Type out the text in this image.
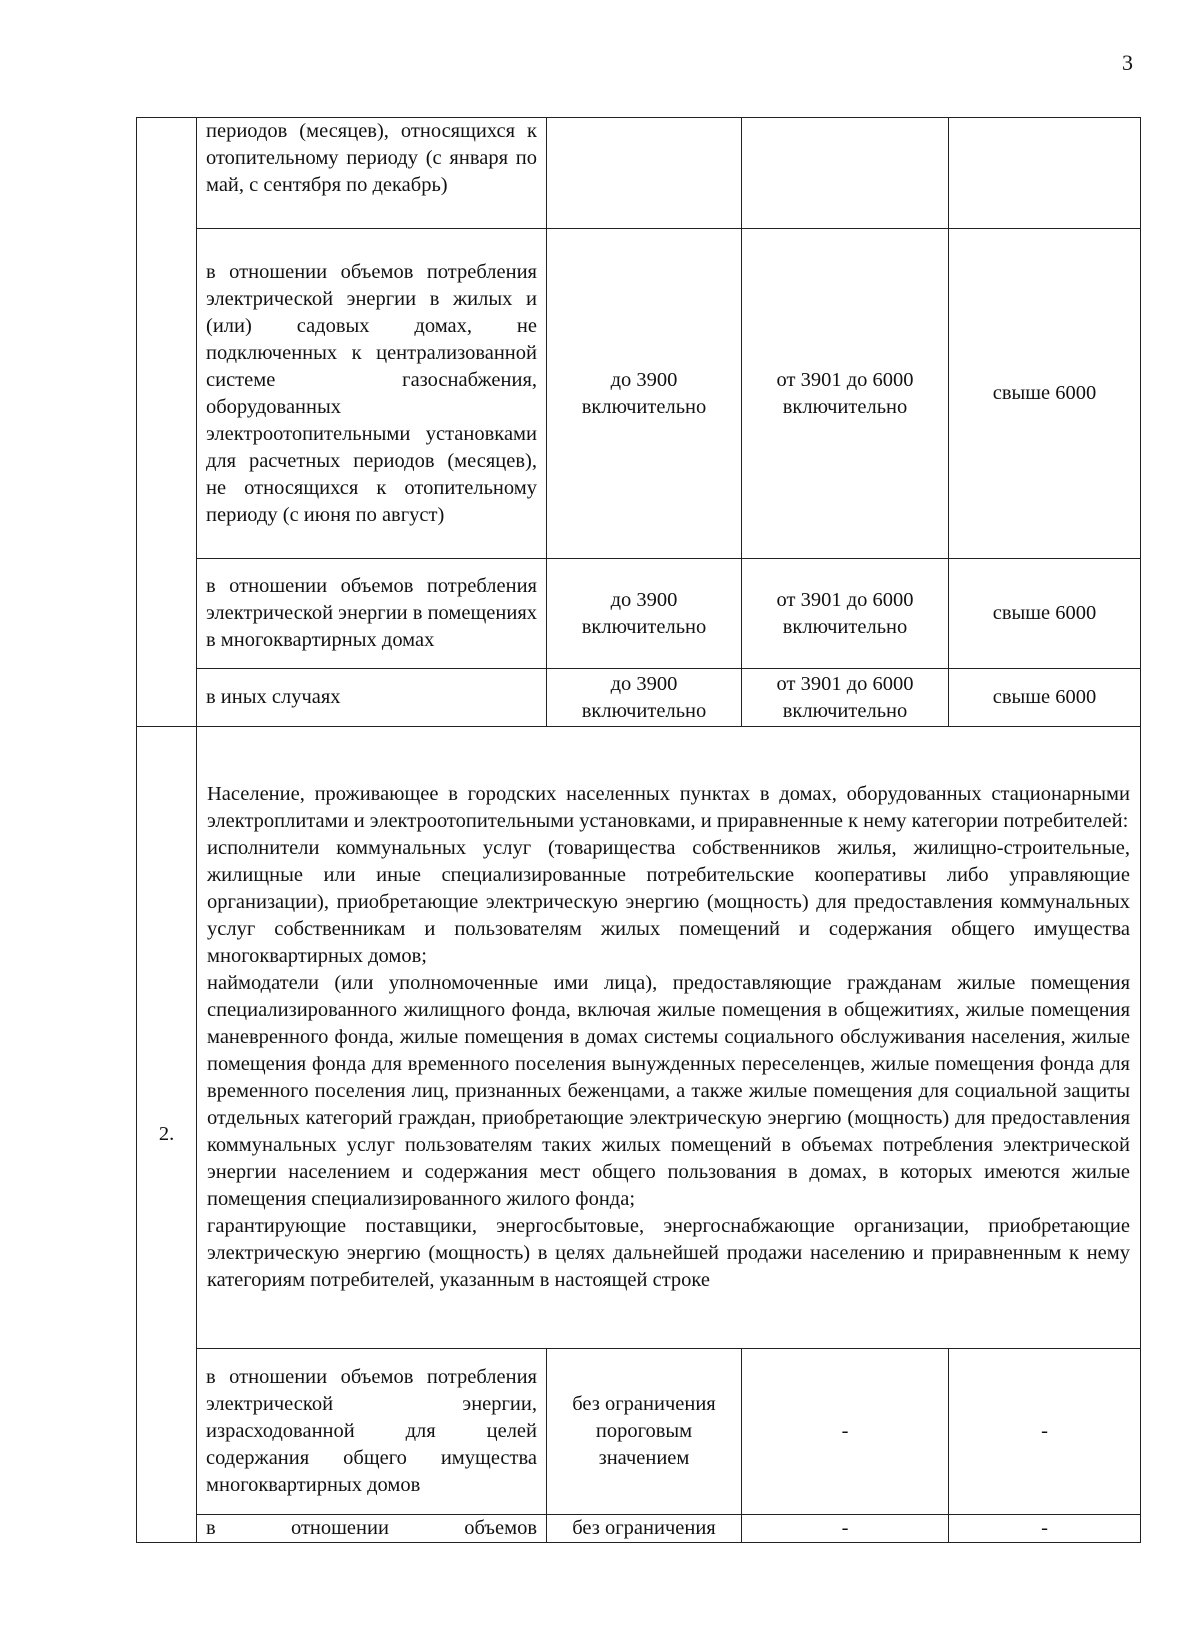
3
	периодов (месяцев), относящихся к отопительному периоду (с января по май, с сентября по декабрь)			
	в отношении объемов потребления электрической энергии в жилых и (или) садовых домах, не подключенных к централизованной системе газоснабжения, оборудованных электроотопительными установками для расчетных периодов (месяцев), не относящихся к отопительному периоду (с июня по август)	до 3900 включительно	от 3901 до 6000 включительно	свыше 6000
	в отношении объемов потребления электрической энергии в помещениях в многоквартирных домах	до 3900 включительно	от 3901 до 6000 включительно	свыше 6000
	в иных случаях	до 3900 включительно	от 3901 до 6000 включительно	свыше 6000
2.	Население, проживающее в городских населенных пунктах в домах, оборудованных стационарными электроплитами и электроотопительными установками, и приравненные к нему категории потребителей:
исполнители коммунальных услуг (товарищества собственников жилья, жилищно-строительные, жилищные или иные специализированные потребительские кооперативы либо управляющие организации), приобретающие электрическую энергию (мощность) для предоставления коммунальных услуг собственникам и пользователям жилых помещений и содержания общего имущества многоквартирных домов;
наймодатели (или уполномоченные ими лица), предоставляющие гражданам жилые помещения специализированного жилищного фонда, включая жилые помещения в общежитиях, жилые помещения маневренного фонда, жилые помещения в домах системы социального обслуживания населения, жилые помещения фонда для временного поселения вынужденных переселенцев, жилые помещения фонда для временного поселения лиц, признанных беженцами, а также жилые помещения для социальной защиты отдельных категорий граждан, приобретающие электрическую энергию (мощность) для предоставления коммунальных услуг пользователям таких жилых помещений в объемах потребления электрической энергии населением и содержания мест общего пользования в домах, в которых имеются жилые помещения специализированного жилого фонда;
гарантирующие поставщики, энергосбытовые, энергоснабжающие организации, приобретающие электрическую энергию (мощность) в целях дальнейшей продажи населению и приравненным к нему категориям потребителей, указанным в настоящей строке			

	в отношении объемов потребления электрической энергии, израсходованной для целей содержания общего имущества многоквартирных домов	без ограничения пороговым значением	-	-
	в отношении объемов	без ограничения	-	-
